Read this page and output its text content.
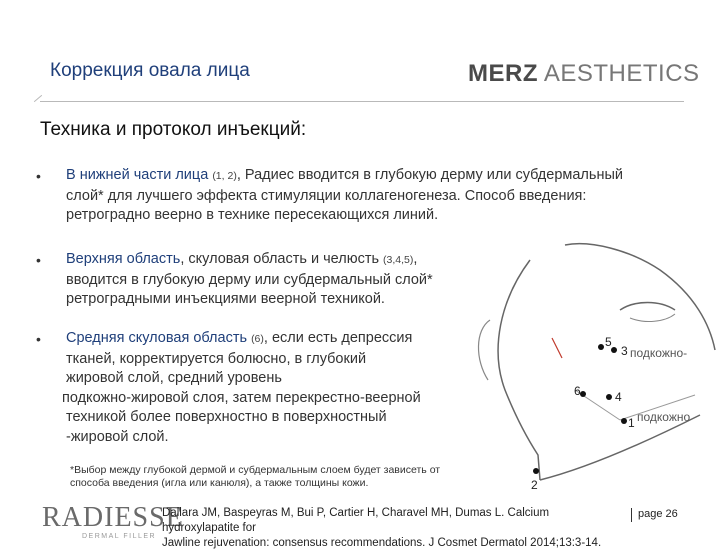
Коррекция овала лица	MERZ AESTHETICS
Техника и протокол инъекций:
• В нижней части лица (1, 2), Радиес вводится в глубокую дерму или субдермальный
слой* для лучшего эффекта стимуляции коллагеногенеза. Способ введения:
ретроградно веерно в технике пересекающихся линий.
• Верхняя область, скуловая область и челюсть (3,4,5),
вводится в глубокую дерму или субдермальный слой*
ретроградными инъекциями веерной техникой.
• Средняя скуловая область (6), если есть депрессия
тканей, корректируется болюсно, в глубокий
жировой слой, средний уровень
подкожно-жировой слоя, затем перекрестно-веерной
техникой более поверхностно в поверхностный
-жировой слой.
*Выбор между глубокой дермой и субдермальным слоем будет зависеть от
способа введения (игла или канюля), а также толщины кожи.
5
3 подкожно-
6	4
1 подкожно
2
RADIESSE
DERMAL FILLER
Dallara JM, Baspeyras M, Bui P, Cartier H, Charavel MH, Dumas L. Calcium hydroxylapatite for
Jawline rejuvenation: consensus recommendations. J Cosmet Dermatol 2014;13:3-14.
page 26
